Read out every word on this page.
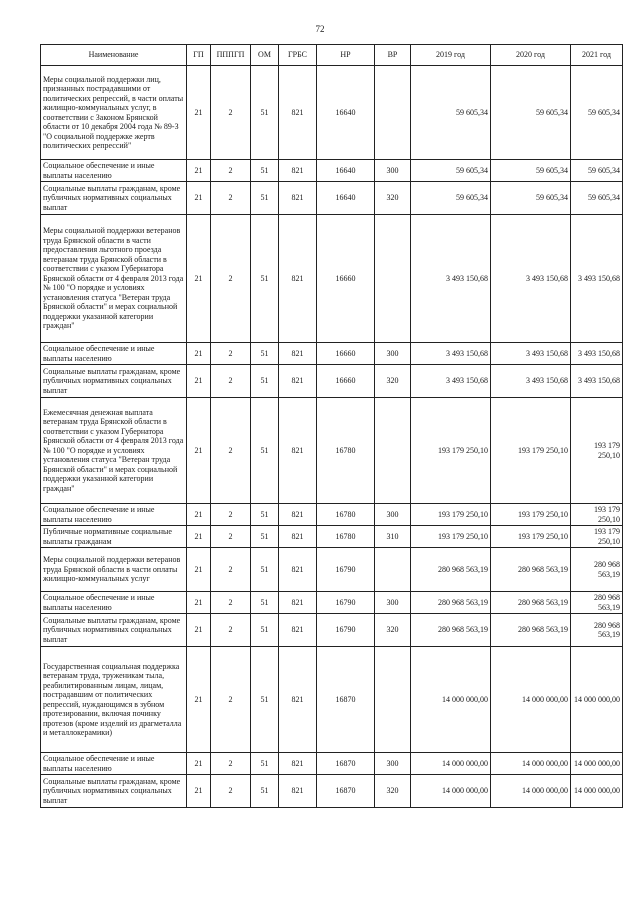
72
Наименование	ГП	ПППГП	ОМ	ГРБС	НР	ВР	2019 год	2020 год	2021 год
Меры социальной поддержки лиц, признанных пострадавшими от политических репрессий, в части оплаты жилищно-коммунальных услуг, в соответствии с Законом Брянской области от 10 декабря 2004 года № 89-З "О социальной поддержке жертв политических репрессий"	21	2	51	821	16640		59 605,34	59 605,34	59 605,34
Социальное обеспечение и иные выплаты населению	21	2	51	821	16640	300	59 605,34	59 605,34	59 605,34
Социальные выплаты гражданам, кроме публичных нормативных социальных выплат	21	2	51	821	16640	320	59 605,34	59 605,34	59 605,34
Меры социальной поддержки ветеранов труда Брянской области в части предоставления льготного проезда ветеранам труда Брянской области в соответствии с указом Губернатора Брянской области от 4 февраля 2013 года № 100 "О порядке и условиях установления статуса "Ветеран труда Брянской области" и мерах социальной поддержки указанной категории граждан"	21	2	51	821	16660		3 493 150,68	3 493 150,68	3 493 150,68
Социальное обеспечение и иные выплаты населению	21	2	51	821	16660	300	3 493 150,68	3 493 150,68	3 493 150,68
Социальные выплаты гражданам, кроме публичных нормативных социальных выплат	21	2	51	821	16660	320	3 493 150,68	3 493 150,68	3 493 150,68
Ежемесячная денежная выплата ветеранам труда Брянской области в соответствии с указом Губернатора Брянской области от 4 февраля 2013 года № 100 "О порядке и условиях установления статуса "Ветеран труда Брянской области" и мерах социальной поддержки указанной категории граждан"	21	2	51	821	16780		193 179 250,10	193 179 250,10	193 179 250,10
Социальное обеспечение и иные выплаты населению	21	2	51	821	16780	300	193 179 250,10	193 179 250,10	193 179 250,10
Публичные нормативные социальные выплаты гражданам	21	2	51	821	16780	310	193 179 250,10	193 179 250,10	193 179 250,10
Меры социальной поддержки ветеранов труда Брянской области в части оплаты жилищно-коммунальных услуг	21	2	51	821	16790		280 968 563,19	280 968 563,19	280 968 563,19
Социальное обеспечение и иные выплаты населению	21	2	51	821	16790	300	280 968 563,19	280 968 563,19	280 968 563,19
Социальные выплаты гражданам, кроме публичных нормативных социальных выплат	21	2	51	821	16790	320	280 968 563,19	280 968 563,19	280 968 563,19
Государственная социальная поддержка ветеранам труда, труженикам тыла, реабилитированным лицам, лицам, пострадавшим от политических репрессий, нуждающимся в зубном протезировании, включая починку протезов (кроме изделий из драгметалла и металлокерамики)	21	2	51	821	16870		14 000 000,00	14 000 000,00	14 000 000,00
Социальное обеспечение и иные выплаты населению	21	2	51	821	16870	300	14 000 000,00	14 000 000,00	14 000 000,00
Социальные выплаты гражданам, кроме публичных нормативных социальных выплат	21	2	51	821	16870	320	14 000 000,00	14 000 000,00	14 000 000,00
